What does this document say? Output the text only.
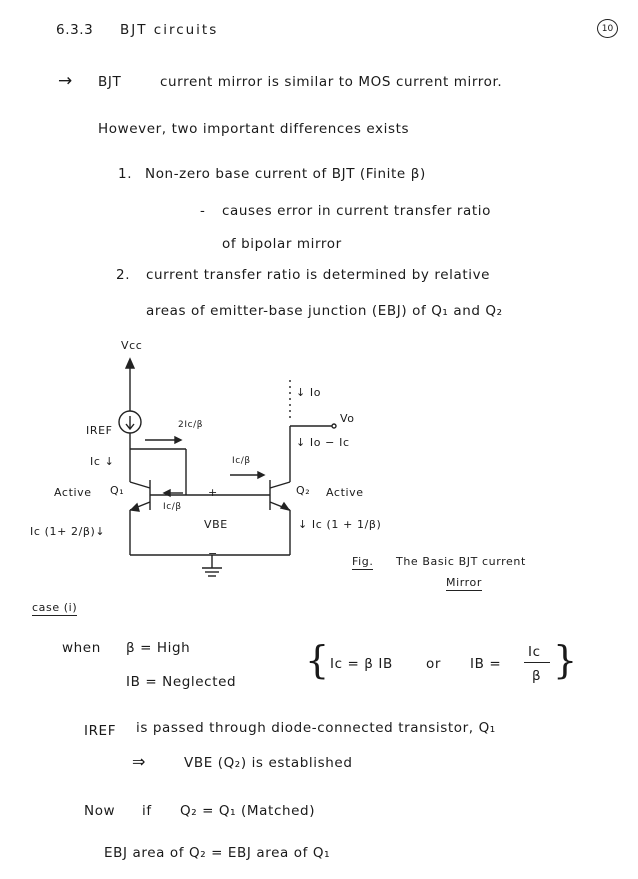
6.3.3 BJT circuits	10
→ BJT	current mirror is similar to MOS current mirror.
However, two important differences exists
1. Non-zero base current of BJT (Finite β)
- causes error in current transfer ratio
of bipolar mirror
2. current transfer ratio is determined by relative
areas of emitter-base junction (EBJ) of Q₁ and Q₂
Vcc
IREF
Ic ↓
Active Q₁
Ic (1+ 2/β)↓
2Ic/β
Ic/β
Ic/β
+
VBE
−
↓ Io
Vo
↓ Io − Ic
Q₂ Active
↓ Ic (1 + 1/β)
Fig. The Basic BJT current
Mirror
case (i)
when β = High
IB = Neglected { Ic = β IB or IB =
Ic
β }
IREF is passed through diode-connected transistor, Q₁
⇒	VBE (Q₂) is established
Now if Q₂ = Q₁ (Matched)
EBJ area of Q₂ = EBJ area of Q₁
